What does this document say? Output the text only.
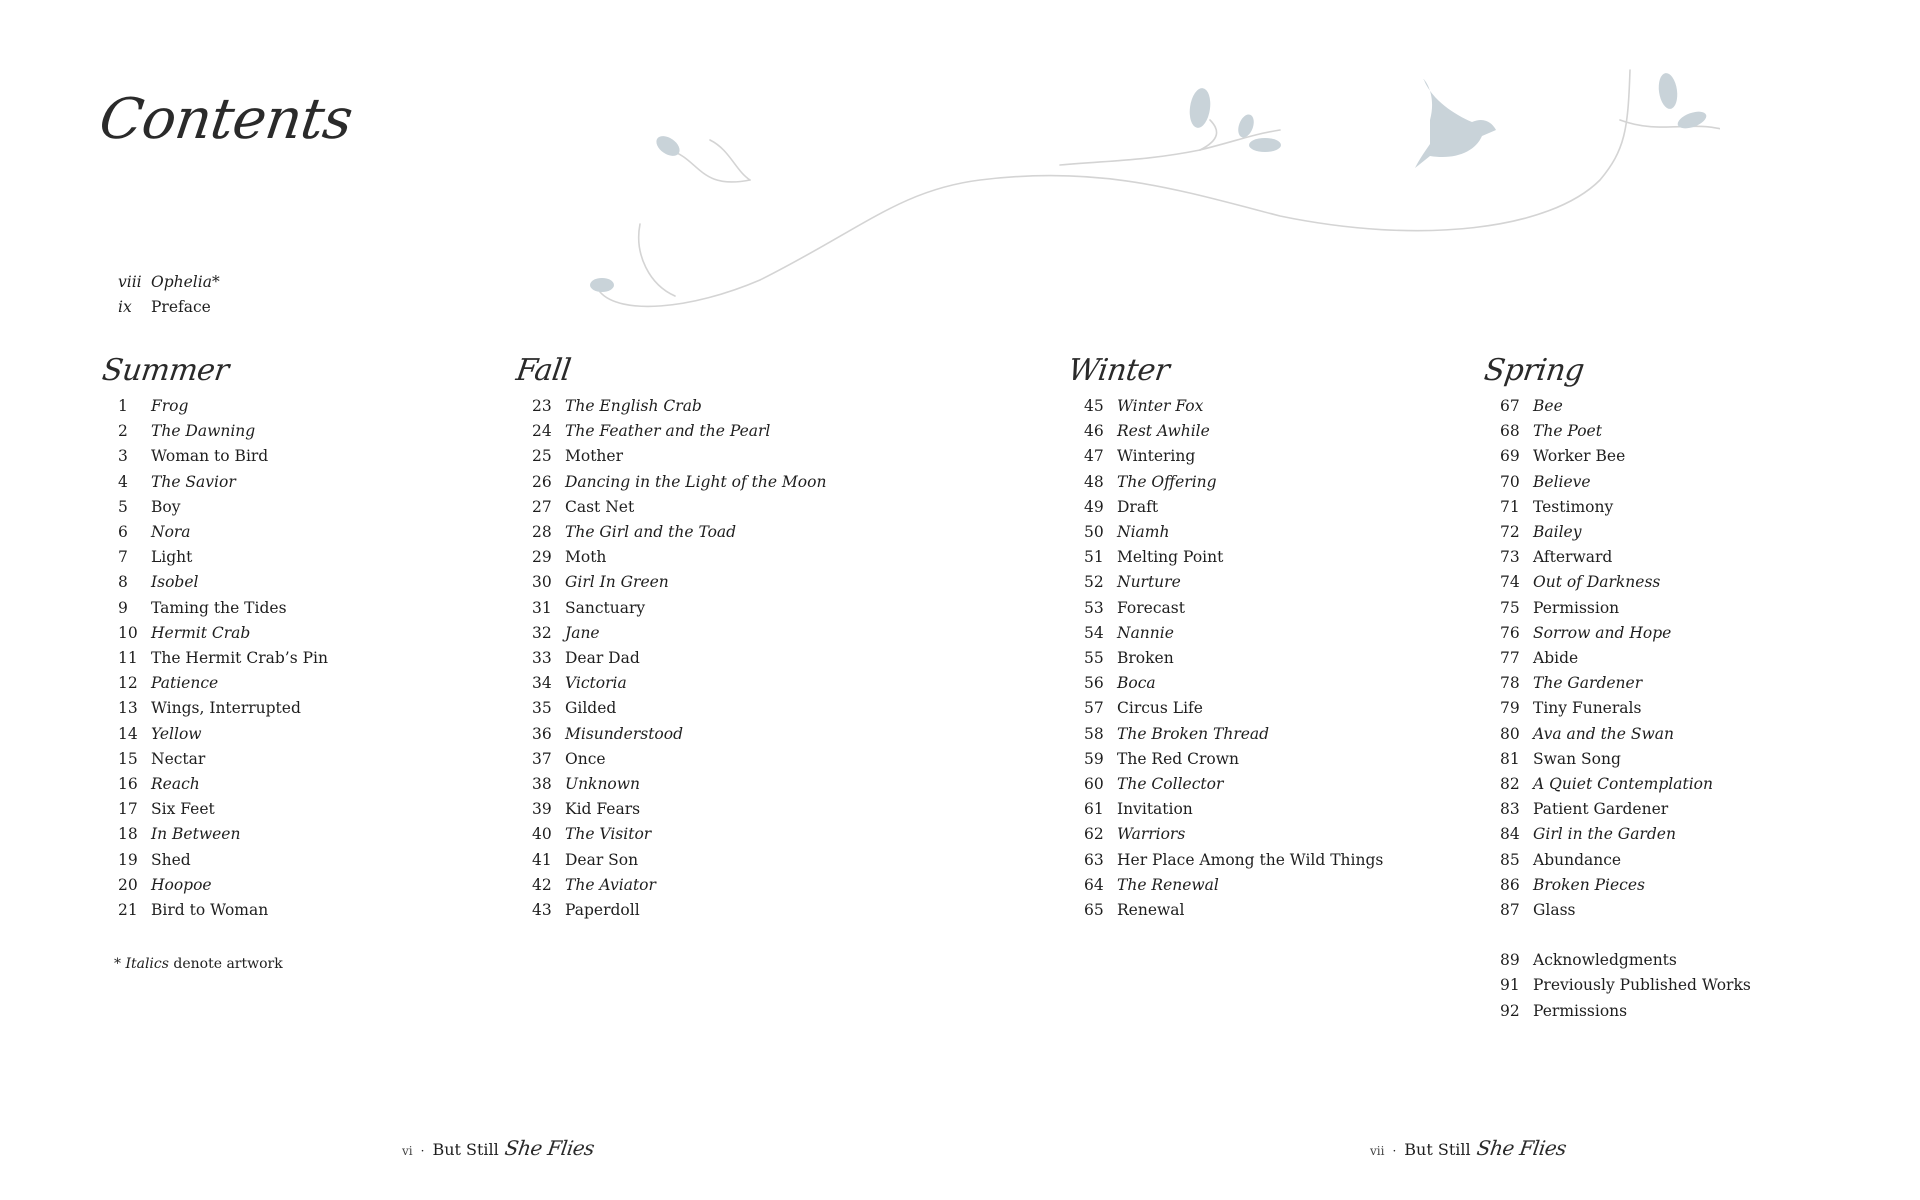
Contents
viii Ophelia*
ix	Preface
Summer
1	Frog
2	The Dawning
3	Woman to Bird
4	The Savior
5	Boy
6	Nora
7	Light
8	Isobel
9	Taming the Tides
10 Hermit Crab
11 The Hermit Crab’s Pin
12 Patience
13 Wings, Interrupted
14 Yellow
15 Nectar
16 Reach
17 Six Feet
18 In Between
19 Shed
20 Hoopoe
21 Bird to Woman
Fall
23 The English Crab
24 The Feather and the Pearl
25 Mother
26 Dancing in the Light of the Moon
27 Cast Net
28 The Girl and the Toad
29 Moth
30 Girl In Green
31 Sanctuary
32 Jane
33 Dear Dad
34 Victoria
35 Gilded
36 Misunderstood
37 Once
38 Unknown
39 Kid Fears
40 The Visitor
41 Dear Son
42 The Aviator
43 Paperdoll
Winter
45 Winter Fox
46 Rest Awhile
47 Wintering
48 The Offering
49 Draft
50 Niamh
51 Melting Point
52 Nurture
53 Forecast
54 Nannie
55 Broken
56 Boca
57 Circus Life
58 The Broken Thread
59 The Red Crown
60 The Collector
61 Invitation
62 Warriors
63 Her Place Among the Wild Things
64 The Renewal
65 Renewal
Spring
67 Bee
68 The Poet
69 Worker Bee
70 Believe
71 Testimony
72 Bailey
73 Afterward
74 Out of Darkness
75 Permission
76 Sorrow and Hope
77 Abide
78 The Gardener
79 Tiny Funerals
80 Ava and the Swan
81 Swan Song
82 A Quiet Contemplation
83 Patient Gardener
84 Girl in the Garden
85 Abundance
86 Broken Pieces
87 Glass
89 Acknowledgments
91 Previously Published Works
92 Permissions
* Italics denote artwork
vi · But Still She Flies	vii · But Still She Flies
